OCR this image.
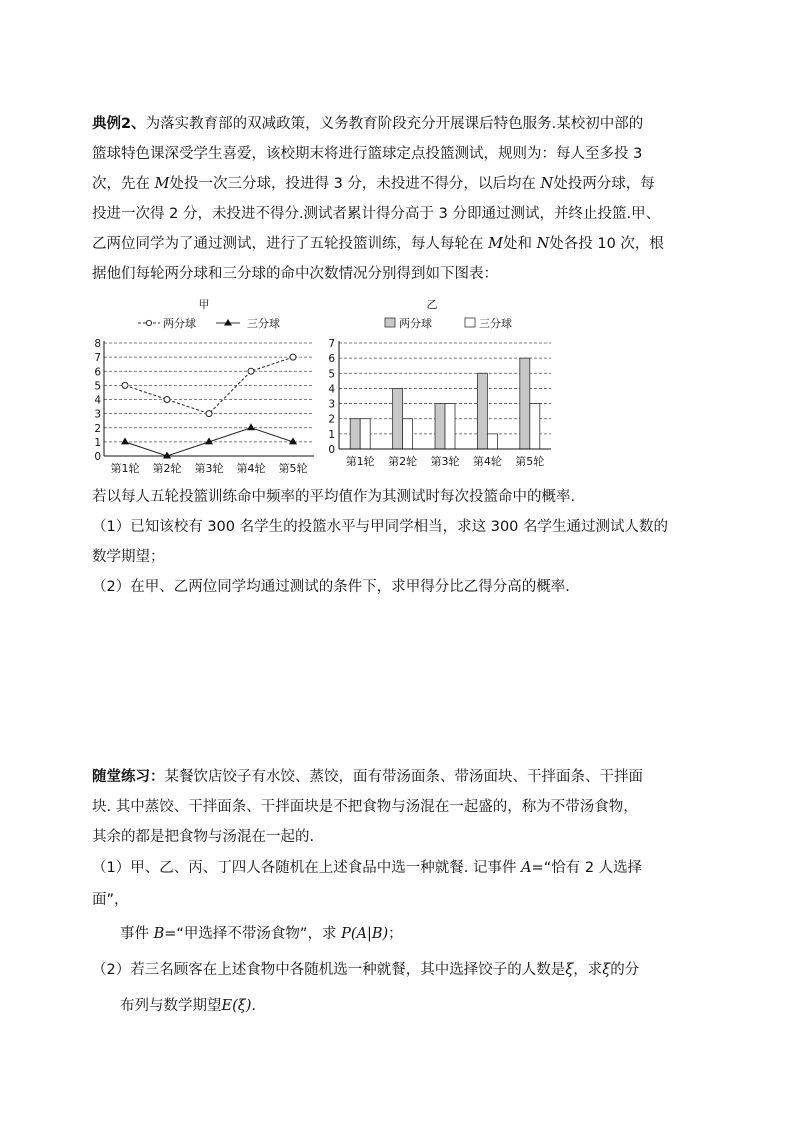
典例2、为落实教育部的双减政策，义务教育阶段充分开展课后特色服务.某校初中部的
篮球特色课深受学生喜爱，该校期末将进行篮球定点投篮测试，规则为：每人至多投 3
次，先在 M处投一次三分球，投进得 3 分，未投进不得分，以后均在 N处投两分球，每
投进一次得 2 分，未投进不得分.测试者累计得分高于 3 分即通过测试，并终止投篮.甲、
乙两位同学为了通过测试，进行了五轮投篮训练，每人每轮在 M处和 N处各投 10 次，根
据他们每轮两分球和三分球的命中次数情况分别得到如下图表：
甲
两分球	三分球
0
1
2
3
4
5
6
7
8
第1轮 第2轮 第3轮 第4轮 第5轮
乙
两分球	三分球
0
1
2
3
4
5
6
7
第1轮 第2轮 第3轮 第4轮 第5轮
若以每人五轮投篮训练命中频率的平均值作为其测试时每次投篮命中的概率.
（1）已知该校有 300 名学生的投篮水平与甲同学相当，求这 300 名学生通过测试人数的
数学期望；
（2）在甲、乙两位同学均通过测试的条件下，求甲得分比乙得分高的概率.
随堂练习：某餐饮店饺子有水饺、蒸饺，面有带汤面条、带汤面块、干拌面条、干拌面
块. 其中蒸饺、干拌面条、干拌面块是不把食物与汤混在一起盛的，称为不带汤食物，
其余的都是把食物与汤混在一起的.
（1）甲、乙、丙、丁四人各随机在上述食品中选一种就餐. 记事件 A=“恰有 2 人选择
面”，
事件 B=“甲选择不带汤食物”，求 P(A|B)；
（2）若三名顾客在上述食物中各随机选一种就餐，其中选择饺子的人数是ξ，求ξ的分
布列与数学期望E(ξ).
